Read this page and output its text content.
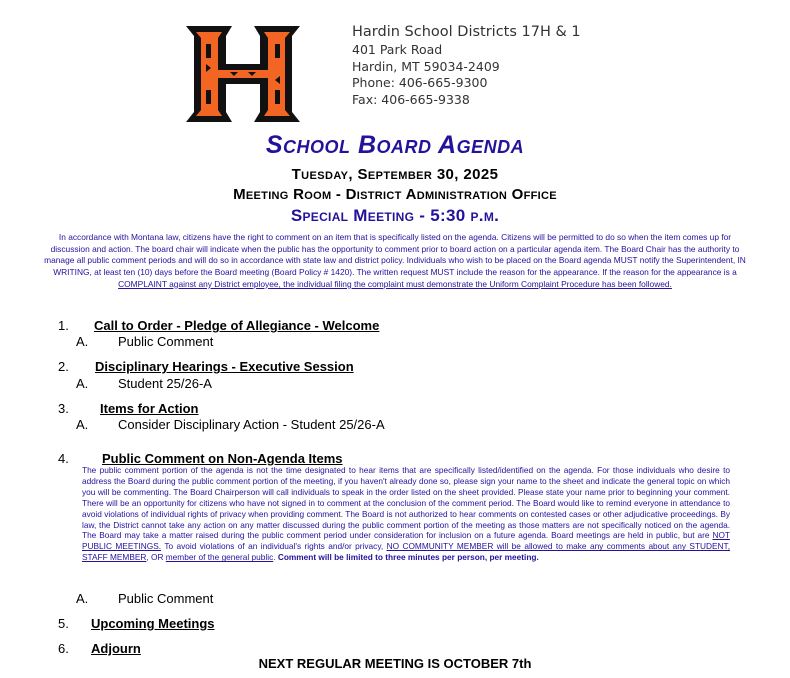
Hardin School Districts 17H & 1
401 Park Road
Hardin, MT 59034-2409
Phone: 406-665-9300
Fax: 406-665-9338
School Board Agenda
Tuesday, September 30, 2025
Meeting Room - District Administration Office
Special Meeting - 5:30 p.m.
In accordance with Montana law, citizens have the right to comment on an item that is specifically listed on the agenda. Citizens will be permitted to do so when the item comes up for discussion and action. The board chair will indicate when the public has the opportunity to comment prior to board action on a particular agenda item. The Board Chair has the authority to manage all public comment periods and will do so in accordance with state law and district policy. Individuals who wish to be placed on the Board agenda MUST notify the Superintendent, IN WRITING, at least ten (10) days before the Board meeting (Board Policy # 1420). The written request MUST include the reason for the appearance. If the reason for the appearance is a COMPLAINT against any District employee, the individual filing the complaint must demonstrate the Uniform Complaint Procedure has been followed.
1. Call to Order - Pledge of Allegiance - Welcome
A. Public Comment
2. Disciplinary Hearings - Executive Session
A. Student 25/26-A
3. Items for Action
A. Consider Disciplinary Action - Student 25/26-A
4.	Public Comment on Non-Agenda Items
The public comment portion of the agenda is not the time designated to hear items that are specifically listed/identified on the agenda. For those individuals who desire to address the Board during the public comment portion of the meeting, if you haven't already done so, please sign your name to the sheet and indicate the general topic on which you will be commenting. The Board Chairperson will call individuals to speak in the order listed on the sheet provided. Please state your name prior to beginning your comment. There will be an opportunity for citizens who have not signed in to comment at the conclusion of the comment period. The Board would like to remind everyone in attendance to avoid violations of individual rights of privacy when providing comment. The Board is not authorized to hear comments on contested cases or other adjudicative proceedings. By law, the District cannot take any action on any matter discussed during the public comment portion of the meeting as those matters are not specifically noticed on the agenda. The Board may take a matter raised during the public comment period under consideration for inclusion on a future agenda. Board meetings are held in public, but are NOT PUBLIC MEETINGS. To avoid violations of an individual's rights and/or privacy, NO COMMUNITY MEMBER will be allowed to make any comments about any STUDENT, STAFF MEMBER, OR member of the general public. Comment will be limited to three minutes per person, per meeting.
A. Public Comment
5. Upcoming Meetings
6. Adjourn
NEXT REGULAR MEETING IS OCTOBER 7th
